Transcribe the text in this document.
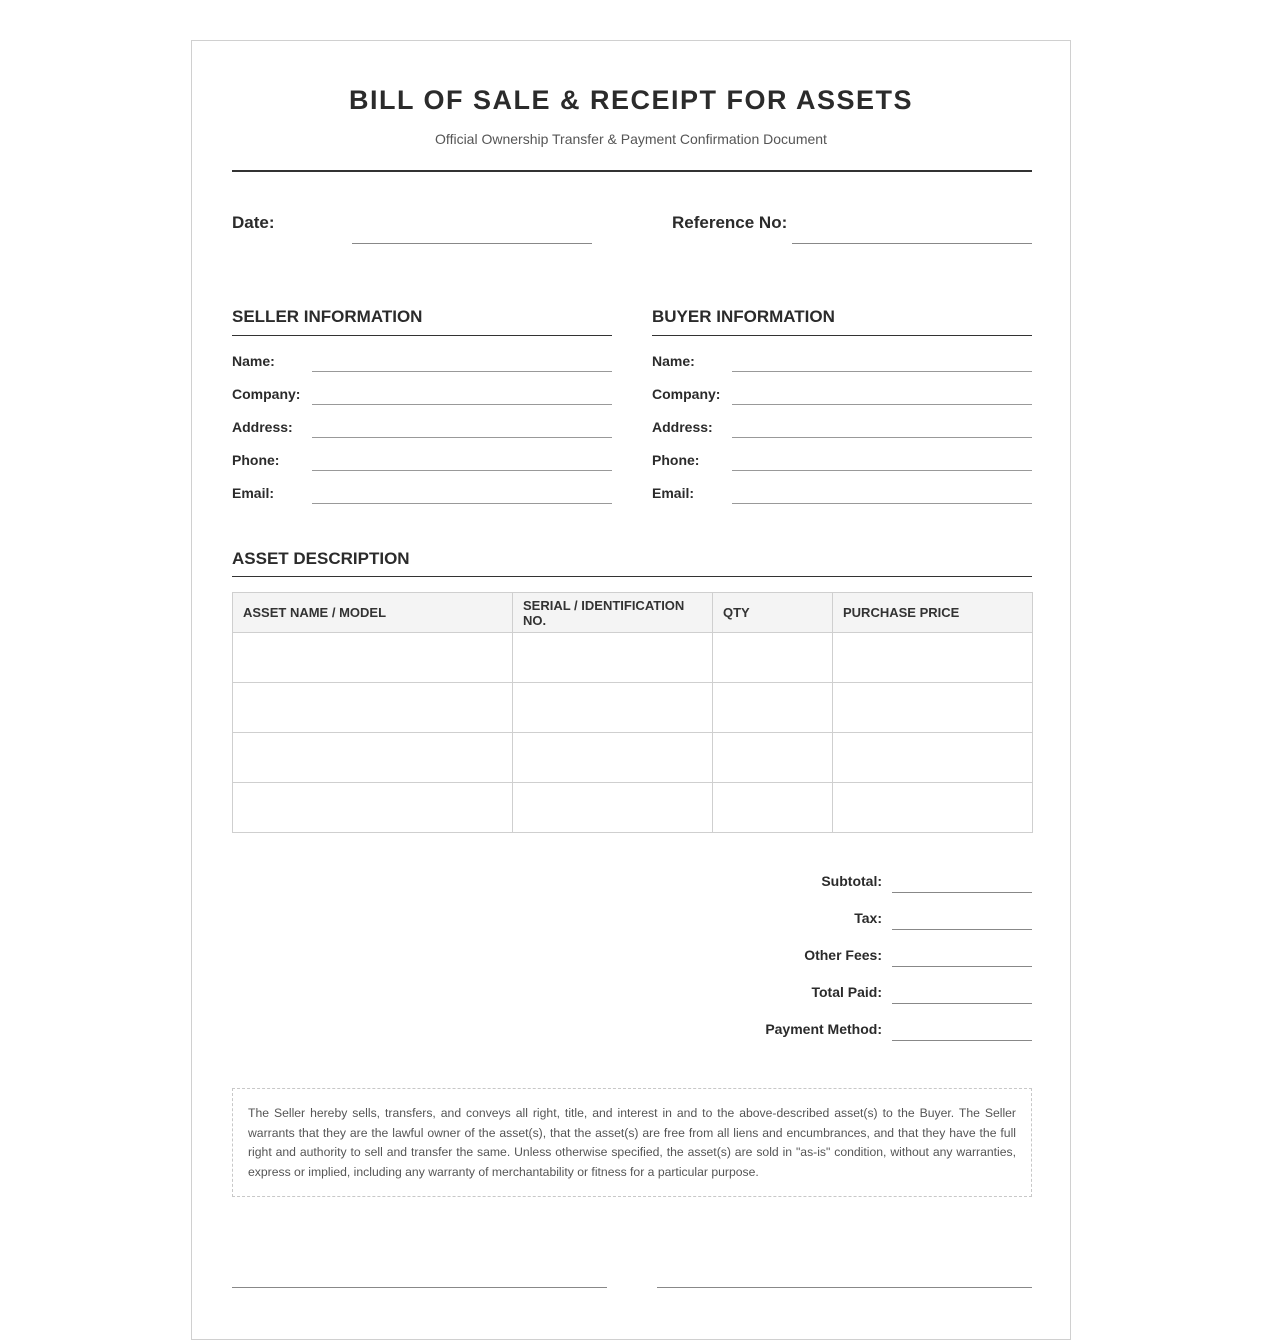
BILL OF SALE & RECEIPT FOR ASSETS
Official Ownership Transfer & Payment Confirmation Document
Date:	Reference No:
SELLER INFORMATION
Name:
Company:
Address:
Phone:
Email:
BUYER INFORMATION
Name:
Company:
Address:
Phone:
Email:
ASSET DESCRIPTION
ASSET NAME / MODEL	SERIAL / IDENTIFICATION NO.	QTY	PURCHASE PRICE

Subtotal:
Tax:
Other Fees:
Total Paid:
Payment Method:
The Seller hereby sells, transfers, and conveys all right, title, and interest in and to the above-described asset(s) to the Buyer. The Seller warrants that they are the lawful owner of the asset(s), that the asset(s) are free from all liens and encumbrances, and that they have the full right and authority to sell and transfer the same. Unless otherwise specified, the asset(s) are sold in "as-is" condition, without any warranties, express or implied, including any warranty of merchantability or fitness for a particular purpose.
